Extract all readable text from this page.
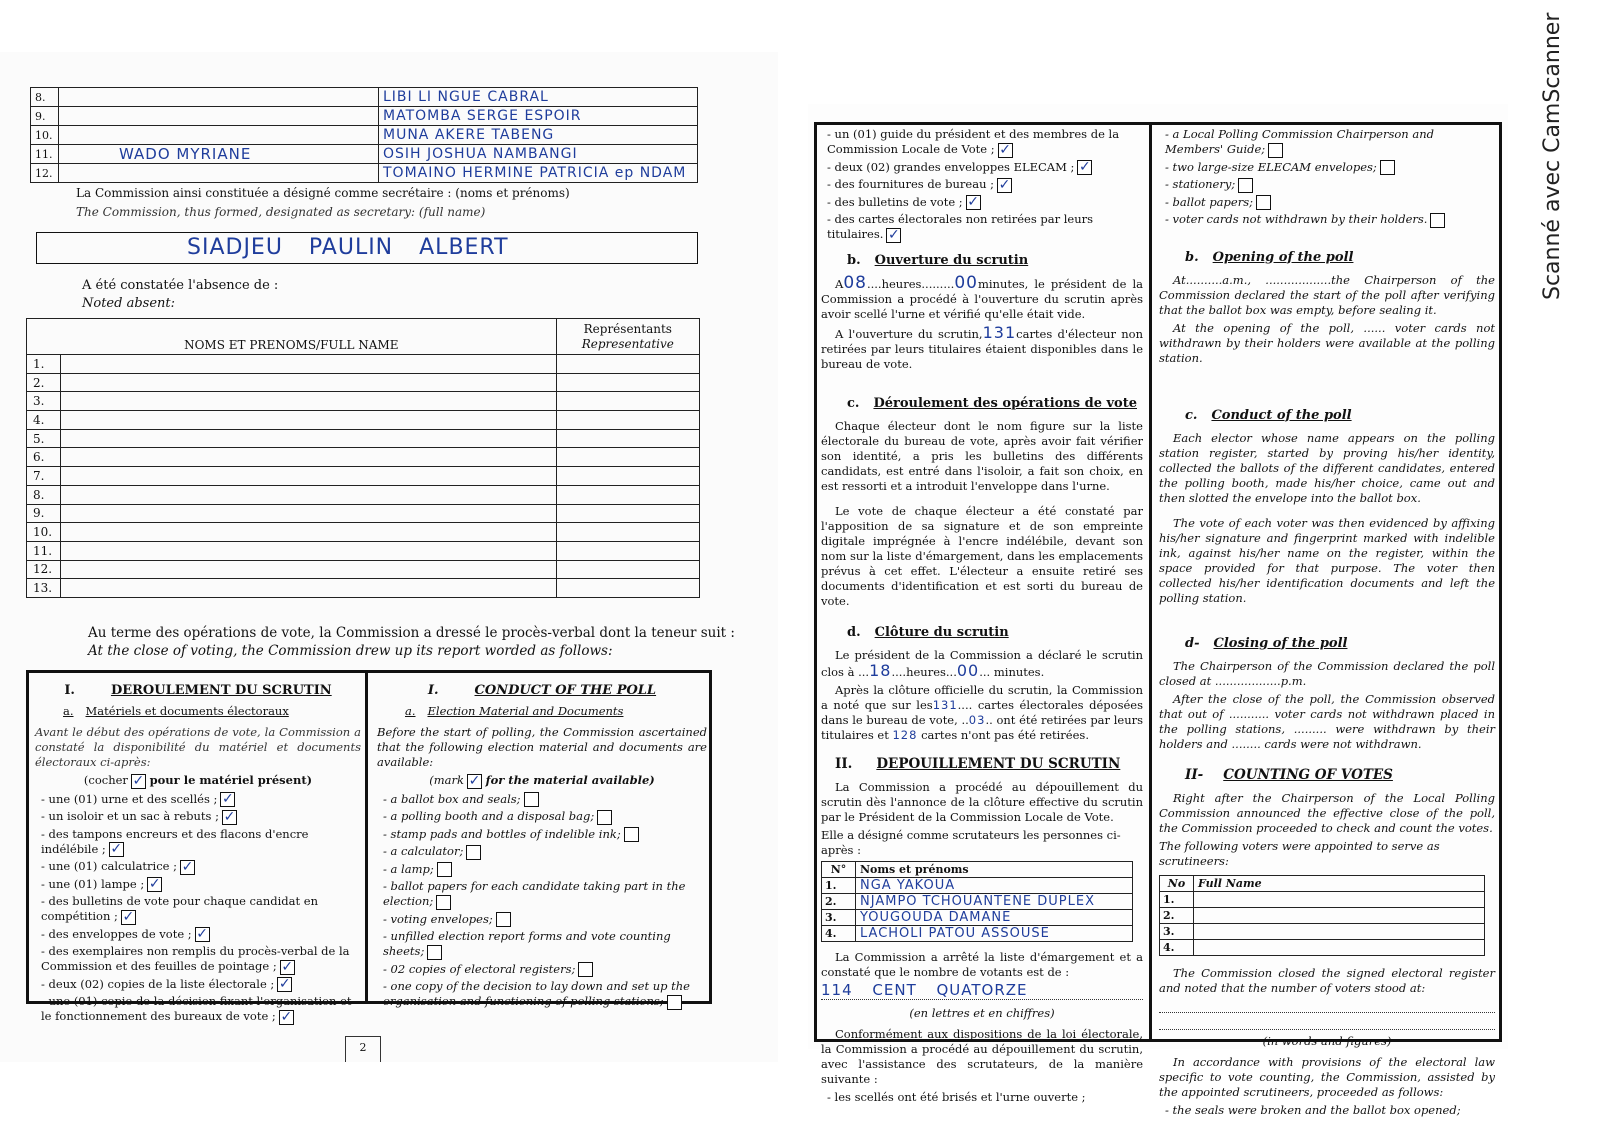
8.		LIBI LI NGUE CABRAL
9.		MATOMBA SERGE ESPOIR
10.		MUNA AKERE TABENG
11.	WADO MYRIANE	OSIH JOSHUA NAMBANGI
12.		TOMAINO HERMINE PATRICIA ep NDAM
La Commission ainsi constituée a désigné comme secrétaire : (noms et prénoms)
The Commission, thus formed, designated as secretary: (full name)
SIADJEU PAULIN ALBERT
A été constatée l'absence de :
Noted absent:
NOMS ET PRENOMS/FULL NAME		Représentants
Representative

1.		
2.		
3.		
4.		
5.		
6.		
7.		
8.		
9.		
10.		
11.		
12.		
13.		
Au terme des opérations de vote, la Commission a dressé le procès-verbal dont la teneur suit :
At the close of voting, the Commission drew up its report worded as follows:
I.	DEROULEMENT DU SCRUTIN
a. Matériels et documents électoraux

Avant le début des opérations de vote, la Commission a constaté la disponibilité du matériel et documents électoraux ci-après:

(cocher ✓ pour le matériel présent)

- une (01) urne et des scellés ; ✓
- un isoloir et un sac à rebuts ; ✓
- des tampons encreurs et des flacons d'encre indélébile ; ✓
- une (01) calculatrice ; ✓
- une (01) lampe ; ✓
- des bulletins de vote pour chaque candidat en compétition ; ✓
- des enveloppes de vote ; ✓
- des exemplaires non remplis du procès-verbal de la Commission et des feuilles de pointage ; ✓
- deux (02) copies de la liste électorale ; ✓
- une (01) copie de la décision fixant l'organisation et le fonctionnement des bureaux de vote ; ✓
I.	CONDUCT OF THE POLL
a. Election Material and Documents

Before the start of polling, the Commission ascertained that the following election material and documents are available:

(mark ✓ for the material available)

- a ballot box and seals;
- a polling booth and a disposal bag;
- stamp pads and bottles of indelible ink;
- a calculator;
- a lamp;
- ballot papers for each candidate taking part in the election;
- voting envelopes;
- unfilled election report forms and vote counting sheets;
- 02 copies of electoral registers;
- one copy of the decision to lay down and set up the organisation and functioning of polling stations;
2
- un (01) guide du président et des membres de la Commission Locale de Vote ; ✓
- deux (02) grandes enveloppes ELECAM ; ✓
- des fournitures de bureau ; ✓
- des bulletins de vote ; ✓
- des cartes électorales non retirées par leurs titulaires. ✓
b. Ouverture du scrutin

A08....heures.........00minutes, le président de la Commission a procédé à l'ouverture du scrutin après avoir scellé l'urne et vérifié qu'elle était vide.

A l'ouverture du scrutin,131cartes d'électeur non retirées par leurs titulaires étaient disponibles dans le bureau de vote.

c. Déroulement des opérations de vote

Chaque électeur dont le nom figure sur la liste électorale du bureau de vote, après avoir fait vérifier son identité, a pris les bulletins des différents candidats, est entré dans l'isoloir, a fait son choix, en est ressorti et a introduit l'enveloppe dans l'urne.

Le vote de chaque électeur a été constaté par l'apposition de sa signature et de son empreinte digitale imprégnée à l'encre indélébile, devant son nom sur la liste d'émargement, dans les emplacements prévus à cet effet. L'électeur a ensuite retiré ses documents d'identification et est sorti du bureau de vote.

d. Clôture du scrutin

Le président de la Commission a déclaré le scrutin clos à ...18....heures...00... minutes.

Après la clôture officielle du scrutin, la Commission a noté que sur les131.... cartes électorales déposées dans le bureau de vote, ..03.. ont été retirées par leurs titulaires et 128 cartes n'ont pas été retirées.

II. DEPOUILLEMENT DU SCRUTIN

La Commission a procédé au dépouillement du scrutin dès l'annonce de la clôture effective du scrutin par le Président de la Commission Locale de Vote.

Elle a désigné comme scrutateurs les personnes ci-après :

N°	Noms et prénoms
1.	NGA YAKOUA
2.	NJAMPO TCHOUANTENE DUPLEX
3.	YOUGOUDA DAMANE
4.	LACHOLI PATOU ASSOUSE

La Commission a arrêté la liste d'émargement et a constaté que le nombre de votants est de :

114 CENT QUATORZE

(en lettres et en chiffres)

Conformément aux dispositions de la loi électorale, la Commission a procédé au dépouillement du scrutin, avec l'assistance des scrutateurs, de la manière suivante :

- les scellés ont été brisés et l'urne ouverte ;

- a Local Polling Commission Chairperson and Members' Guide;
- two large-size ELECAM envelopes;
- stationery;
- ballot papers;
- voter cards not withdrawn by their holders.
b. Opening of the poll

At..........a.m., ..................the Chairperson of the Commission declared the start of the poll after verifying that the ballot box was empty, before sealing it.

At the opening of the poll, ...... voter cards not withdrawn by their holders were available at the polling station.

c. Conduct of the poll

Each elector whose name appears on the polling station register, started by proving his/her identity, collected the ballots of the different candidates, entered the polling booth, made his/her choice, came out and then slotted the envelope into the ballot box.

The vote of each voter was then evidenced by affixing his/her signature and fingerprint marked with indelible ink, against his/her name on the register, within the space provided for that purpose. The voter then collected his/her identification documents and left the polling station.

d- Closing of the poll

The Chairperson of the Commission declared the poll closed at ..................p.m.

After the close of the poll, the Commission observed that out of ........... voter cards not withdrawn placed in the polling stations, ......... were withdrawn by their holders and ........ cards were not withdrawn.

II- COUNTING OF VOTES

Right after the Chairperson of the Local Polling Commission announced the effective close of the poll, the Commission proceeded to check and count the votes.

The following voters were appointed to serve as scrutineers:

No	Full Name
1.	
2.	
3.	
4.	

The Commission closed the signed electoral register and noted that the number of voters stood at:

(in words and figures)

In accordance with provisions of the electoral law specific to vote counting, the Commission, assisted by the appointed scrutineers, proceeded as follows:

- the seals were broken and the ballot box opened;

Scanné avec CamScanner
